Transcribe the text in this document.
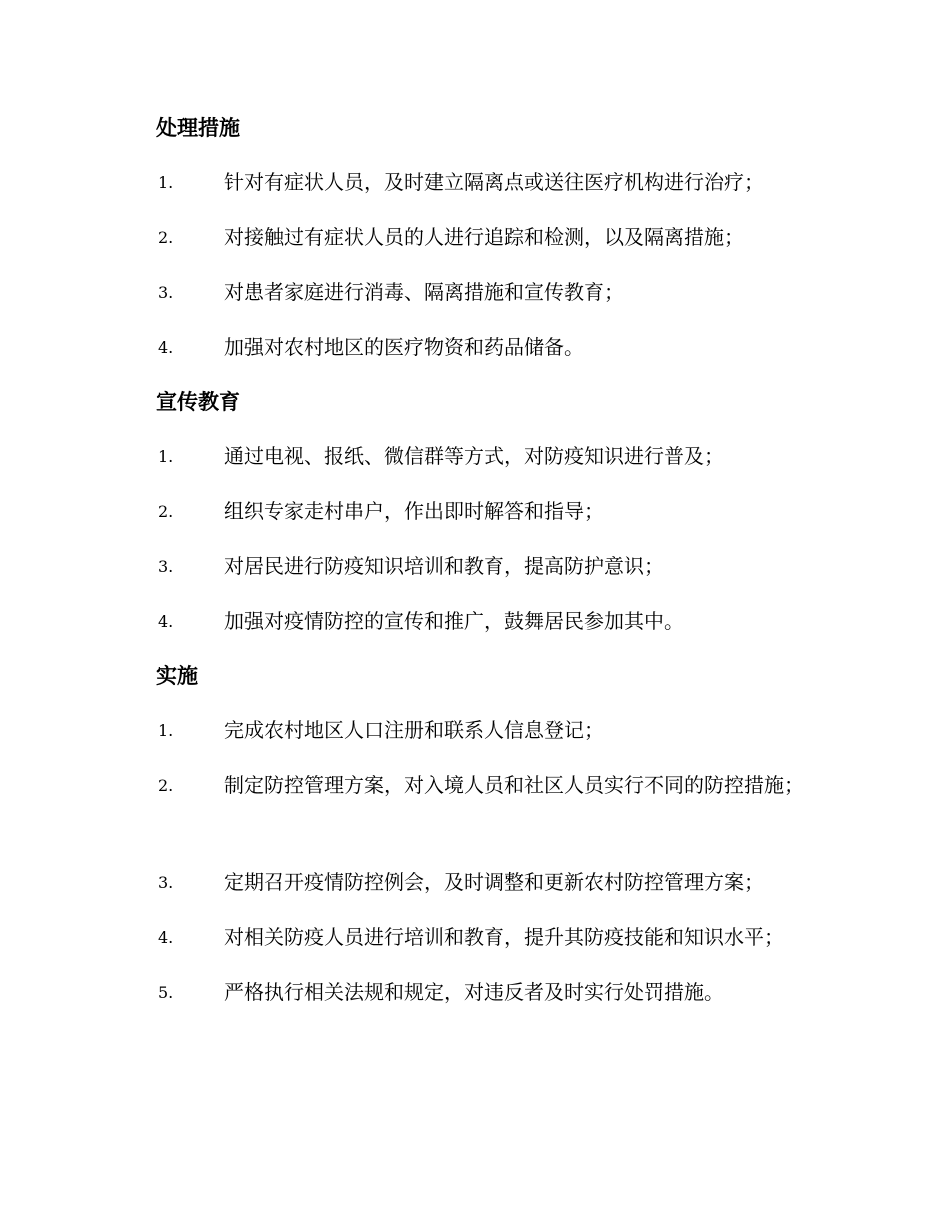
处理措施
1.	针对有症状人员，及时建立隔离点或送往医疗机构进行治疗；
2.	对接触过有症状人员的人进行追踪和检测，以及隔离措施；
3.	对患者家庭进行消毒、隔离措施和宣传教育；
4.	加强对农村地区的医疗物资和药品储备。
宣传教育
1.	通过电视、报纸、微信群等方式，对防疫知识进行普及；
2.	组织专家走村串户，作出即时解答和指导；
3.	对居民进行防疫知识培训和教育，提高防护意识；
4.	加强对疫情防控的宣传和推广，鼓舞居民参加其中。
实施
1.	完成农村地区人口注册和联系人信息登记；
2.	制定防控管理方案，对入境人员和社区人员实行不同的防控措施；
3.	定期召开疫情防控例会，及时调整和更新农村防控管理方案；
4.	对相关防疫人员进行培训和教育，提升其防疫技能和知识水平；
5.	严格执行相关法规和规定，对违反者及时实行处罚措施。
